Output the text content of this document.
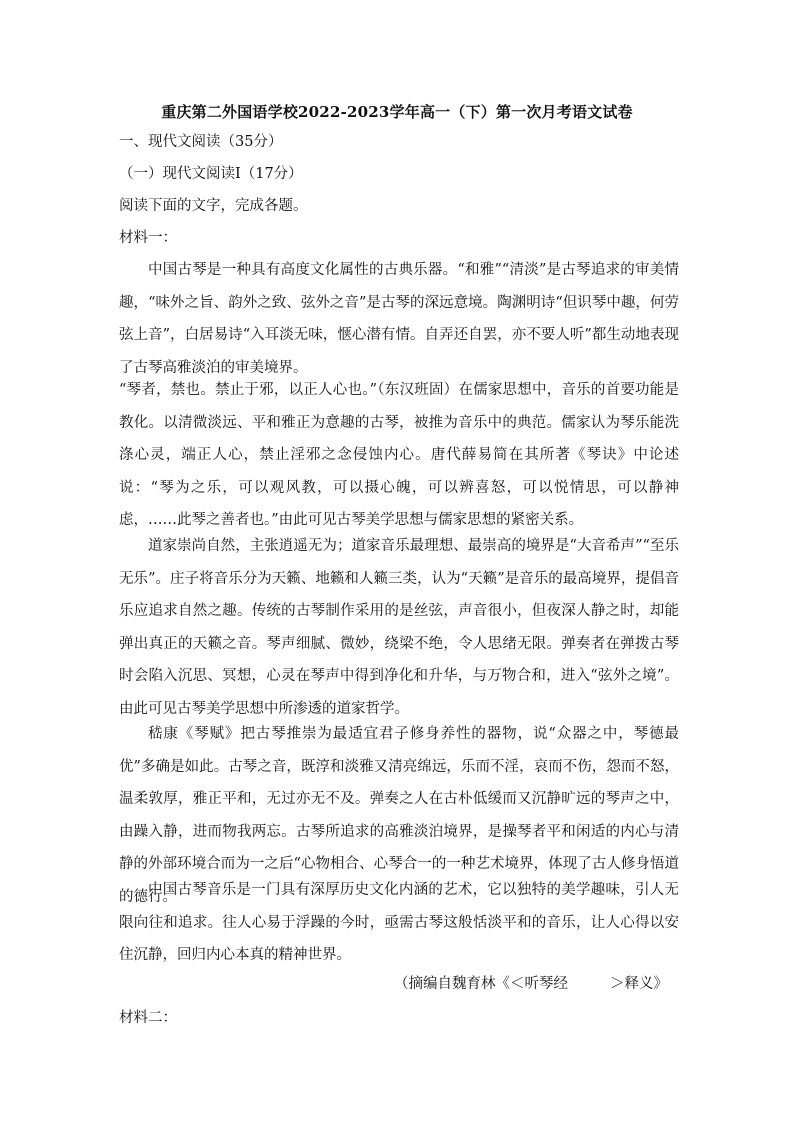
重庆第二外国语学校2022-2023学年高一（下）第一次月考语文试卷
一、现代文阅读（35分）
（一）现代文阅读Ⅰ（17分）
阅读下面的文字，完成各题。
材料一：

中国古琴是一种具有高度文化属性的古典乐器。“和雅”“清淡”是古琴追求的审美情趣，“味外之旨、韵外之致、弦外之音”是古琴的深远意境。陶渊明诗“但识琴中趣，何劳弦上音”，白居易诗“入耳淡无味，惬心潜有情。自弄还自罢，亦不要人听”都生动地表现了古琴高雅淡泊的审美境界。

“琴者，禁也。禁止于邪，以正人心也。”（东汉班固）在儒家思想中，音乐的首要功能是教化。以清微淡远、平和雅正为意趣的古琴，被推为音乐中的典范。儒家认为琴乐能洗涤心灵，端正人心，禁止淫邪之念侵蚀内心。唐代薛易简在其所著《琴诀》中论述说：“琴为之乐，可以观风教，可以摄心魄，可以辨喜怒，可以悦情思，可以静神虑，……此琴之善者也。”由此可见古琴美学思想与儒家思想的紧密关系。

道家崇尚自然，主张逍遥无为；道家音乐最理想、最崇高的境界是“大音希声”“至乐无乐”。庄子将音乐分为天籁、地籁和人籁三类，认为“天籁”是音乐的最高境界，提倡音乐应追求自然之趣。传统的古琴制作采用的是丝弦，声音很小，但夜深人静之时，却能弹出真正的天籁之音。琴声细腻、微妙，绕梁不绝，令人思绪无限。弹奏者在弹拨古琴时会陷入沉思、冥想，心灵在琴声中得到净化和升华，与万物合和，进入“弦外之境”。由此可见古琴美学思想中所渗透的道家哲学。

嵇康《琴赋》把古琴推崇为最适宜君子修身养性的器物，说“众器之中，琴德最优”多确是如此。古琴之音，既淳和淡雅又清亮绵远，乐而不淫，哀而不伤，怨而不怒，温柔敦厚，雅正平和，无过亦无不及。弹奏之人在古朴低缓而又沉静旷远的琴声之中，由躁入静，进而物我两忘。古琴所追求的高雅淡泊境界，是操琴者平和闲适的内心与清静的外部环境合而为一之后“心物相合、心琴合一的一种艺术境界，体现了古人修身悟道的德行。

中国古琴音乐是一门具有深厚历史文化内涵的艺术，它以独特的美学趣味，引人无限向往和追求。往人心易于浮躁的今时，亟需古琴这般恬淡平和的音乐，让人心得以安住沉静，回归内心本真的精神世界。

（摘编自魏育林《＜听琴经	＞释义》
材料二：
